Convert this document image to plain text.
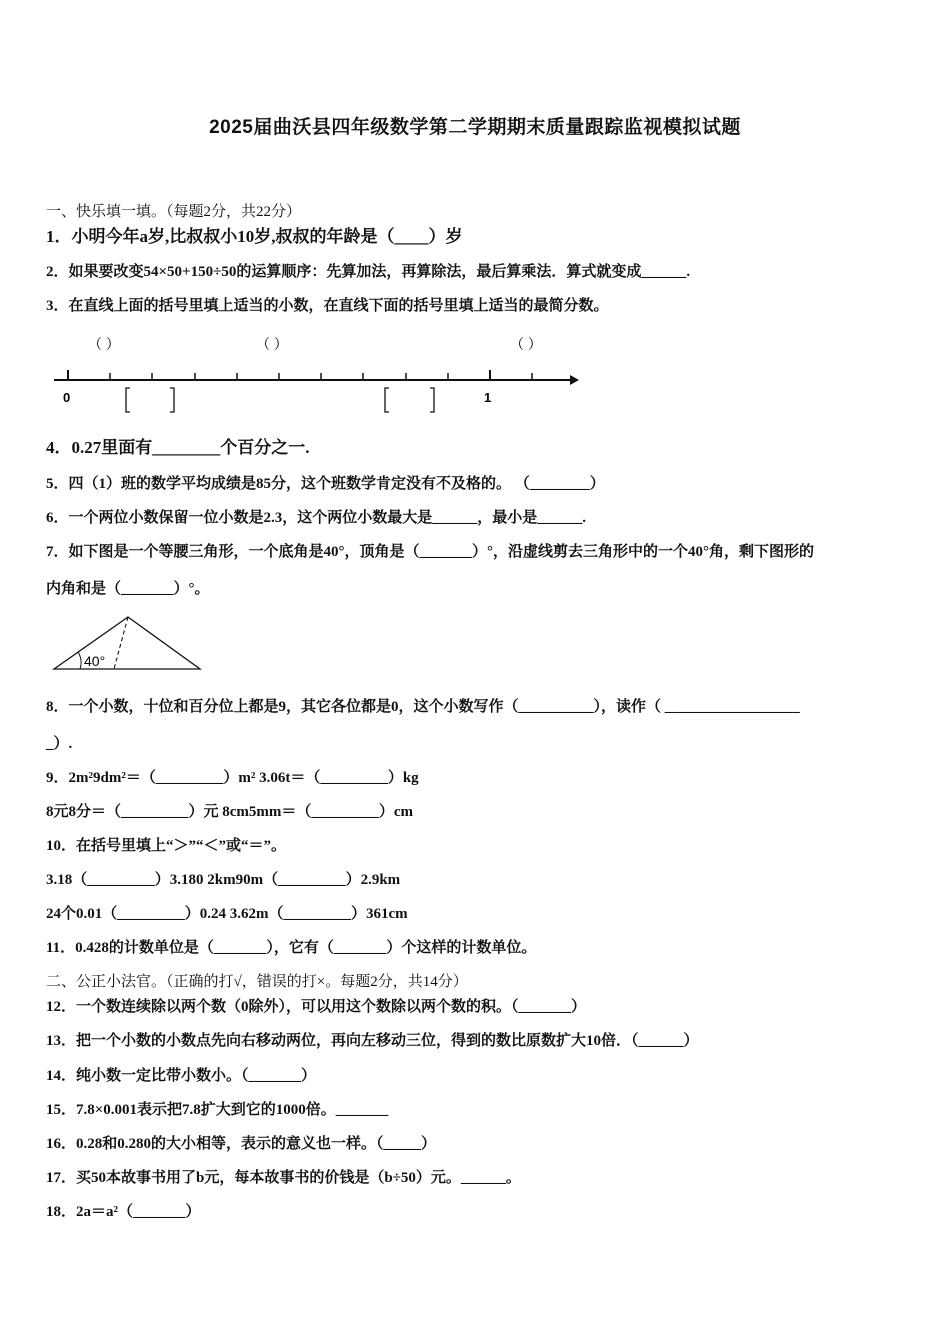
2025届曲沃县四年级数学第二学期期末质量跟踪监视模拟试题
一、快乐填一填。（每题2分，共22分）
1．小明今年a岁,比叔叔小10岁,叔叔的年龄是（____）岁
2．如果要改变54×50+150÷50的运算顺序：先算加法，再算除法，最后算乘法．算式就变成______.
3．在直线上面的括号里填上适当的小数，在直线下面的括号里填上适当的最简分数。
（ ）	（ ）	（ ）
0	1
4．0.27里面有________个百分之一.
5．四（1）班的数学平均成绩是85分，这个班数学肯定没有不及格的。 （________）
6．一个两位小数保留一位小数是2.3，这个两位小数最大是______，最小是______.
7．如下图是一个等腰三角形，一个底角是40°，顶角是（_______）°，沿虚线剪去三角形中的一个40°角，剩下图形的
内角和是（_______）°。
40°
8．一个小数，十位和百分位上都是9，其它各位都是0，这个小数写作（__________），读作（ __________________
_）.
9．2m²9dm²＝（_________）m² 3.06t＝（_________）kg
8元8分＝（_________）元 8cm5mm＝（_________）cm
10．在括号里填上“＞”“＜”或“＝”。
3.18（_________）3.180 2km90m（_________）2.9km
24个0.01（_________）0.24 3.62m（_________）361cm
11．0.428的计数单位是（_______），它有（_______）个这样的计数单位。
二、公正小法官。（正确的打√，错误的打×。每题2分，共14分）
12．一个数连续除以两个数（0除外），可以用这个数除以两个数的积。（_______）
13．把一个小数的小数点先向右移动两位，再向左移动三位，得到的数比原数扩大10倍．（______）
14．纯小数一定比带小数小。（_______）
15．7.8×0.001表示把7.8扩大到它的1000倍。_______
16．0.28和0.280的大小相等，表示的意义也一样。（_____）
17．买50本故事书用了b元，每本故事书的价钱是（b÷50）元。______。
18．2a＝a²（_______）
